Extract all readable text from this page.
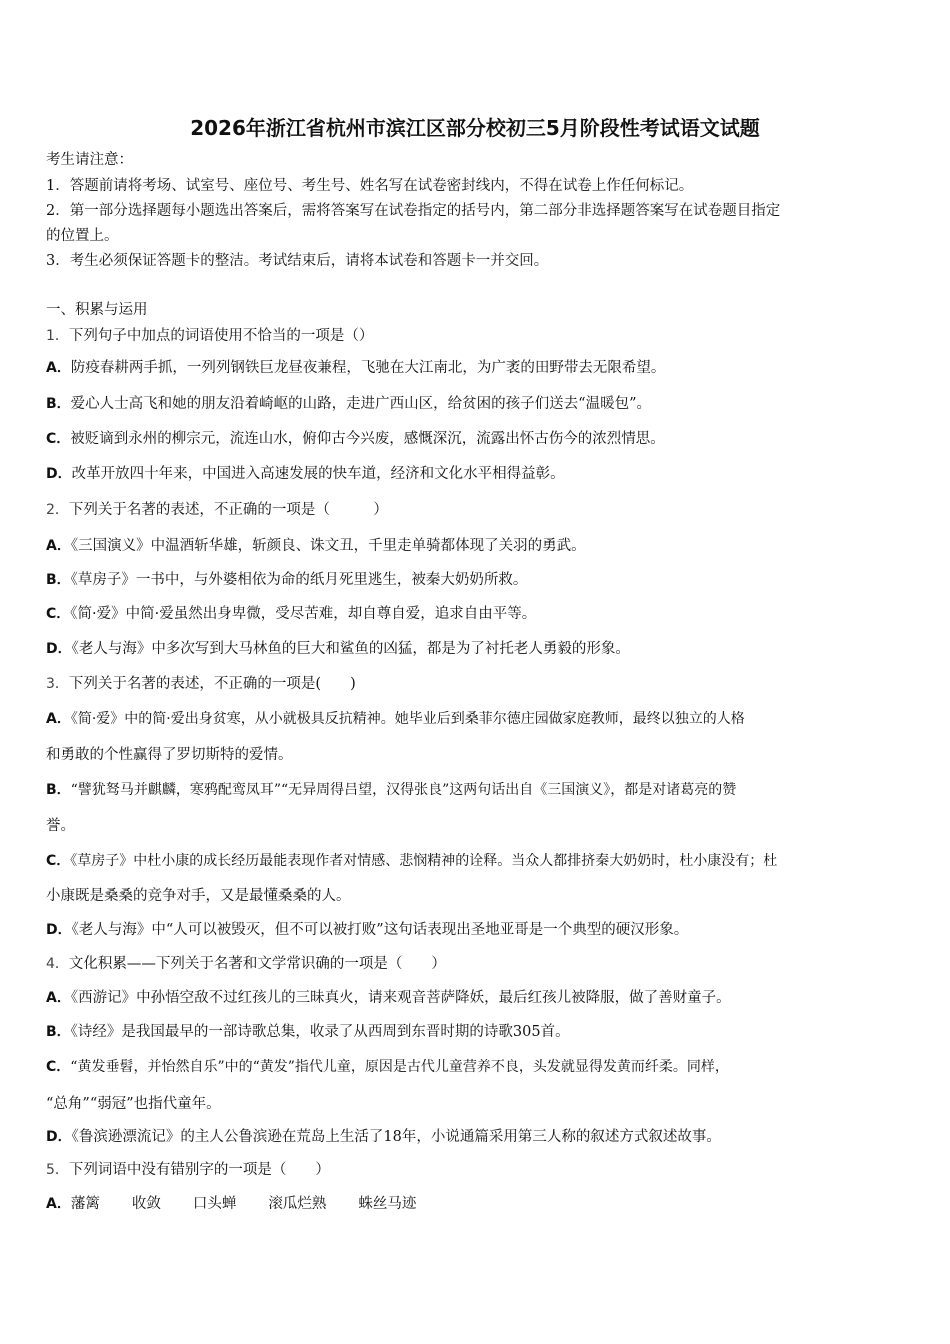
2026年浙江省杭州市滨江区部分校初三5月阶段性考试语文试题
考生请注意：
1．答题前请将考场、试室号、座位号、考生号、姓名写在试卷密封线内，不得在试卷上作任何标记。
2．第一部分选择题每小题选出答案后，需将答案写在试卷指定的括号内，第二部分非选择题答案写在试卷题目指定
的位置上。
3．考生必须保证答题卡的整洁。考试结束后，请将本试卷和答题卡一并交回。
一、积累与运用
1．下列句子中加点的词语使用不恰当的一项是（）
A．防疫春耕两手抓，一列列钢铁巨龙昼夜兼程，飞驰在大江南北，为广袤的田野带去无限希望。
B．爱心人士高飞和她的朋友沿着崎岖的山路，走进广西山区，给贫困的孩子们送去“温暖包”。
C．被贬谪到永州的柳宗元，流连山水，俯仰古今兴废，感慨深沉，流露出怀古伤今的浓烈情思。
D．改革开放四十年来，中国进入高速发展的快车道，经济和文化水平相得益彰。
2．下列关于名著的表述，不正确的一项是（　　　）
A．《三国演义》中温酒斩华雄，斩颜良、诛文丑，千里走单骑都体现了关羽的勇武。
B．《草房子》一书中，与外婆相依为命的纸月死里逃生，被秦大奶奶所救。
C．《简·爱》中简·爱虽然出身卑微，受尽苦难，却自尊自爱，追求自由平等。
D．《老人与海》中多次写到大马林鱼的巨大和鲨鱼的凶猛，都是为了衬托老人勇毅的形象。
3．下列关于名著的表述，不正确的一项是(　　)
A．《简·爱》中的简·爱出身贫寒，从小就极具反抗精神。她毕业后到桑菲尔德庄园做家庭教师，最终以独立的人格
和勇敢的个性赢得了罗切斯特的爱情。
B．“譬犹驽马并麒麟，寒鸦配鸾凤耳”“无异周得吕望，汉得张良”这两句话出自《三国演义》，都是对诸葛亮的赞
誉。
C．《草房子》中杜小康的成长经历最能表现作者对情感、悲悯精神的诠释。当众人都排挤秦大奶奶时，杜小康没有；杜
小康既是桑桑的竞争对手，又是最懂桑桑的人。
D．《老人与海》中“人可以被毁灭，但不可以被打败”这句话表现出圣地亚哥是一个典型的硬汉形象。
4．文化积累——下列关于名著和文学常识确的一项是（　　）
A．《西游记》中孙悟空敌不过红孩儿的三昧真火，请来观音菩萨降妖，最后红孩儿被降服，做了善财童子。
B．《诗经》是我国最早的一部诗歌总集，收录了从西周到东晋时期的诗歌305首。
C．“黄发垂髫，并怡然自乐”中的“黄发”指代儿童，原因是古代儿童营养不良，头发就显得发黄而纤柔。同样，
“总角”“弱冠”也指代童年。
D．《鲁滨逊漂流记》的主人公鲁滨逊在荒岛上生活了18年，小说通篇采用第三人称的叙述方式叙述故事。
5．下列词语中没有错别字的一项是（　　）
A．藩篱 收敛 口头蝉 滚瓜烂熟 蛛丝马迹
